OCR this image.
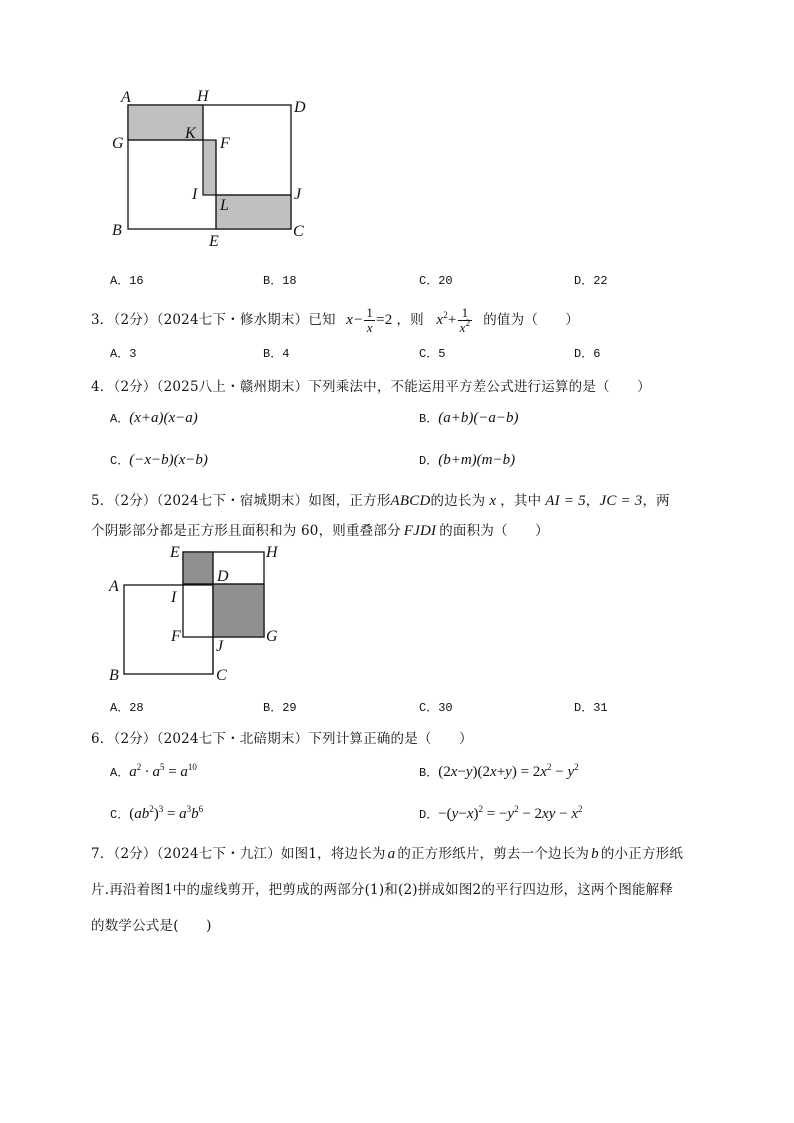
A	H
D
G
K
F
I	J
L
B
E
C
A．16	B．18	C．20	D．22
3．（2分）（2024七下・修水期末）已知 $x- \frac{1}{x} =2$ ，则 $x^2+ \frac{1}{x^2}$ 的值为（　　）
A．3	B．4	C．5	D．6
4．（2分）（2025八上・赣州期末）下列乘法中，不能运用平方差公式进行运算的是（　　）
A．(x+a)(x−a)	B．(a+b)(−a−b)
C．(−x−b)(x−b)	D．(b+m)(m−b)
5．（2分）（2024七下・宿城期末）如图，正方形ABCD的边长为 x ，其中 AI = 5，JC = 3，两
个阴影部分都是正方形且面积和为 60，则重叠部分 FJDI 的面积为（　　）
E	H
D
A
I
F	G
J
B	C
A．28	B．29	C．30	D．31
6．（2分）（2024七下・北碚期末）下列计算正确的是（　　）
A．$a^2 \cdot a^5 = a^{10}$	B．$(2x-y)(2x+y) = 2x^2 - y^2$
C．$(ab^2)^3 = a^3b^6$	D．$-(y-x)^2 = -y^2 - 2xy - x^2$
7．（2分）（2024七下・九江）如图1，将边长为 a 的正方形纸片，剪去一个边长为 b 的小正方形纸
片.再沿着图1中的虚线剪开，把剪成的两部分(1)和(2)拼成如图2的平行四边形，这两个图能解释
的数学公式是(　　)
